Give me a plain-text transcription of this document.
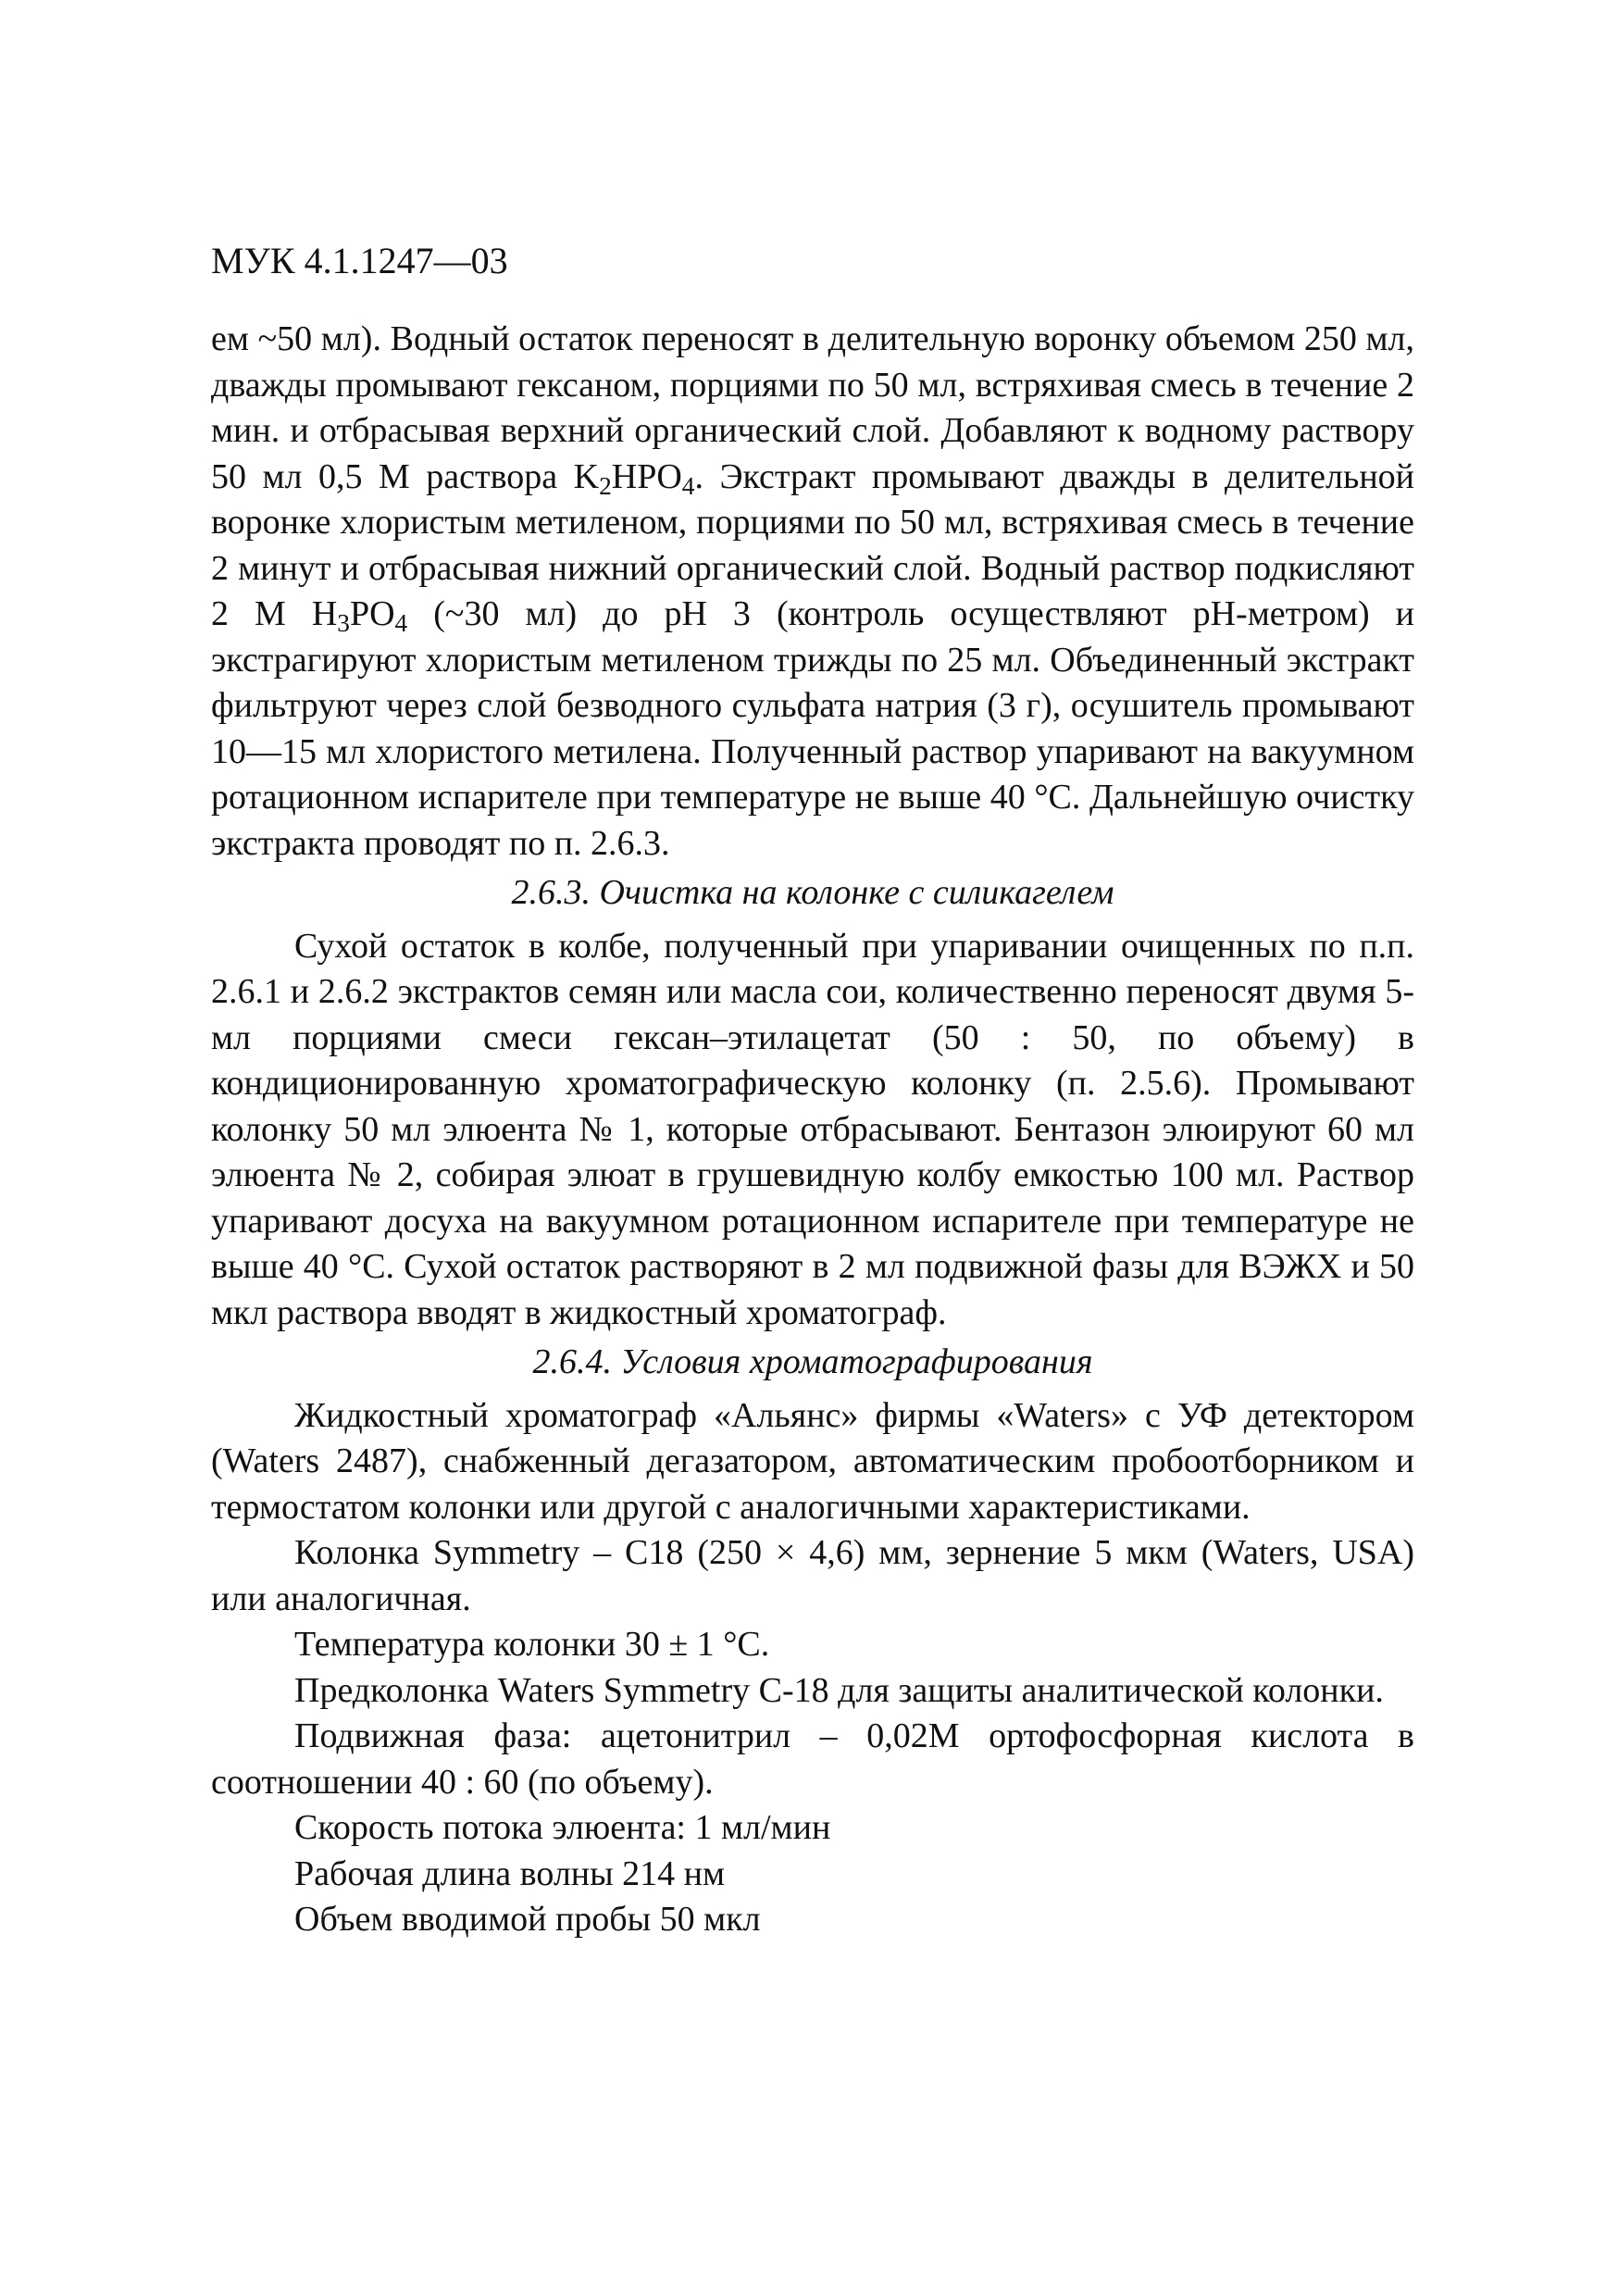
МУК 4.1.1247—03

ем ~50 мл). Водный остаток переносят в делительную воронку объемом 250 мл, дважды промывают гексаном, порциями по 50 мл, встряхивая смесь в течение 2 мин. и отбрасывая верхний органический слой. Добавляют к водному раствору 50 мл 0,5 М раствора $K_2HPO_4$. Экстракт промывают дважды в делительной воронке хлористым метиленом, порциями по 50 мл, встряхивая смесь в течение 2 минут и отбрасывая нижний органический слой. Водный раствор подкисляют 2 М $H_3PO_4$ (~30 мл) до pH 3 (контроль осуществляют pH-метром) и экстрагируют хлористым метиленом трижды по 25 мл. Объединенный экстракт фильтруют через слой безводного сульфата натрия (3 г), осушитель промывают 10—15 мл хлористого метилена. Полученный раствор упаривают на вакуумном ротационном испарителе при температуре не выше 40 °С. Дальнейшую очистку экстракта проводят по п. 2.6.3.

2.6.3. Очистка на колонке с силикагелем

Сухой остаток в колбе, полученный при упаривании очищенных по п.п. 2.6.1 и 2.6.2 экстрактов семян или масла сои, количественно переносят двумя 5-мл порциями смеси гексан–этилацетат (50 : 50, по объему) в кондиционированную хроматографическую колонку (п. 2.5.6). Промывают колонку 50 мл элюента № 1, которые отбрасывают. Бентазон элюируют 60 мл элюента № 2, собирая элюат в грушевидную колбу емкостью 100 мл. Раствор упаривают досуха на вакуумном ротационном испарителе при температуре не выше 40 °С. Сухой остаток растворяют в 2 мл подвижной фазы для ВЭЖХ и 50 мкл раствора вводят в жидкостный хроматограф.

2.6.4. Условия хроматографирования

Жидкостный хроматограф «Альянс» фирмы «Waters» с УФ детектором (Waters 2487), снабженный дегазатором, автоматическим пробоотборником и термостатом колонки или другой с аналогичными характеристиками.

Колонка Symmetry – C18 (250 × 4,6) мм, зернение 5 мкм (Waters, USA) или аналогичная.

Температура колонки 30 ± 1 °С.

Предколонка Waters Symmetry C-18 для защиты аналитической колонки.

Подвижная фаза: ацетонитрил – 0,02М ортофосфорная кислота в соотношении 40 : 60 (по объему).

Скорость потока элюента: 1 мл/мин

Рабочая длина волны 214 нм

Объем вводимой пробы 50 мкл
